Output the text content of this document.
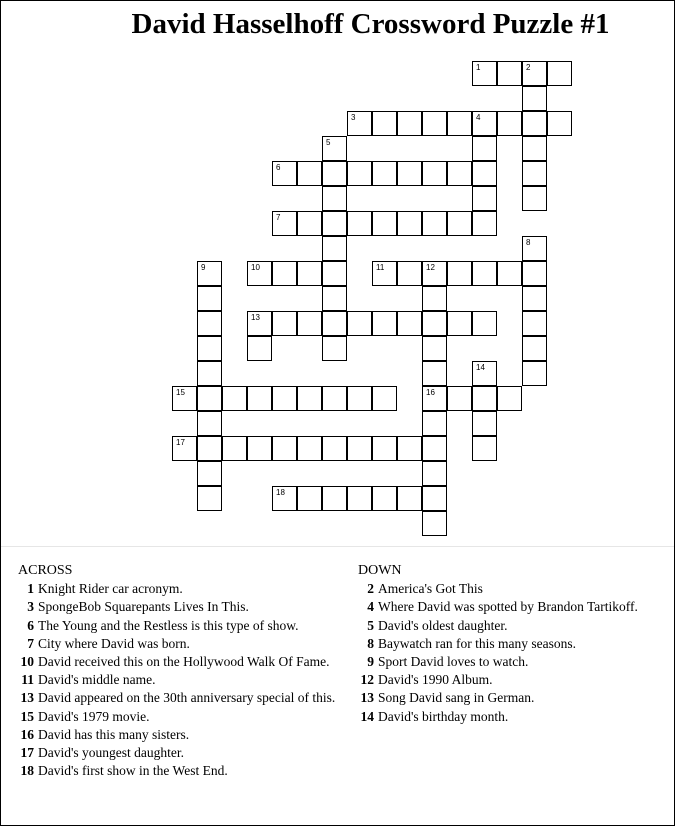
David Hasselhoff Crossword Puzzle #1
1	2
3	4
5
6
7
8
9	10	11	12
13
14
15	16
17
18
ACROSS
1 Knight Rider car acronym.
3 SpongeBob Squarepants Lives In This.
6 The Young and the Restless is this type of show.
7 City where David was born.
10 David received this on the Hollywood Walk Of Fame.
11 David's middle name.
13 David appeared on the 30th anniversary special of this.
15 David's 1979 movie.
16 David has this many sisters.
17 David's youngest daughter.
18 David's first show in the West End.
DOWN
2 America's Got This
4 Where David was spotted by Brandon Tartikoff.
5 David's oldest daughter.
8 Baywatch ran for this many seasons.
9 Sport David loves to watch.
12 David's 1990 Album.
13 Song David sang in German.
14 David's birthday month.
